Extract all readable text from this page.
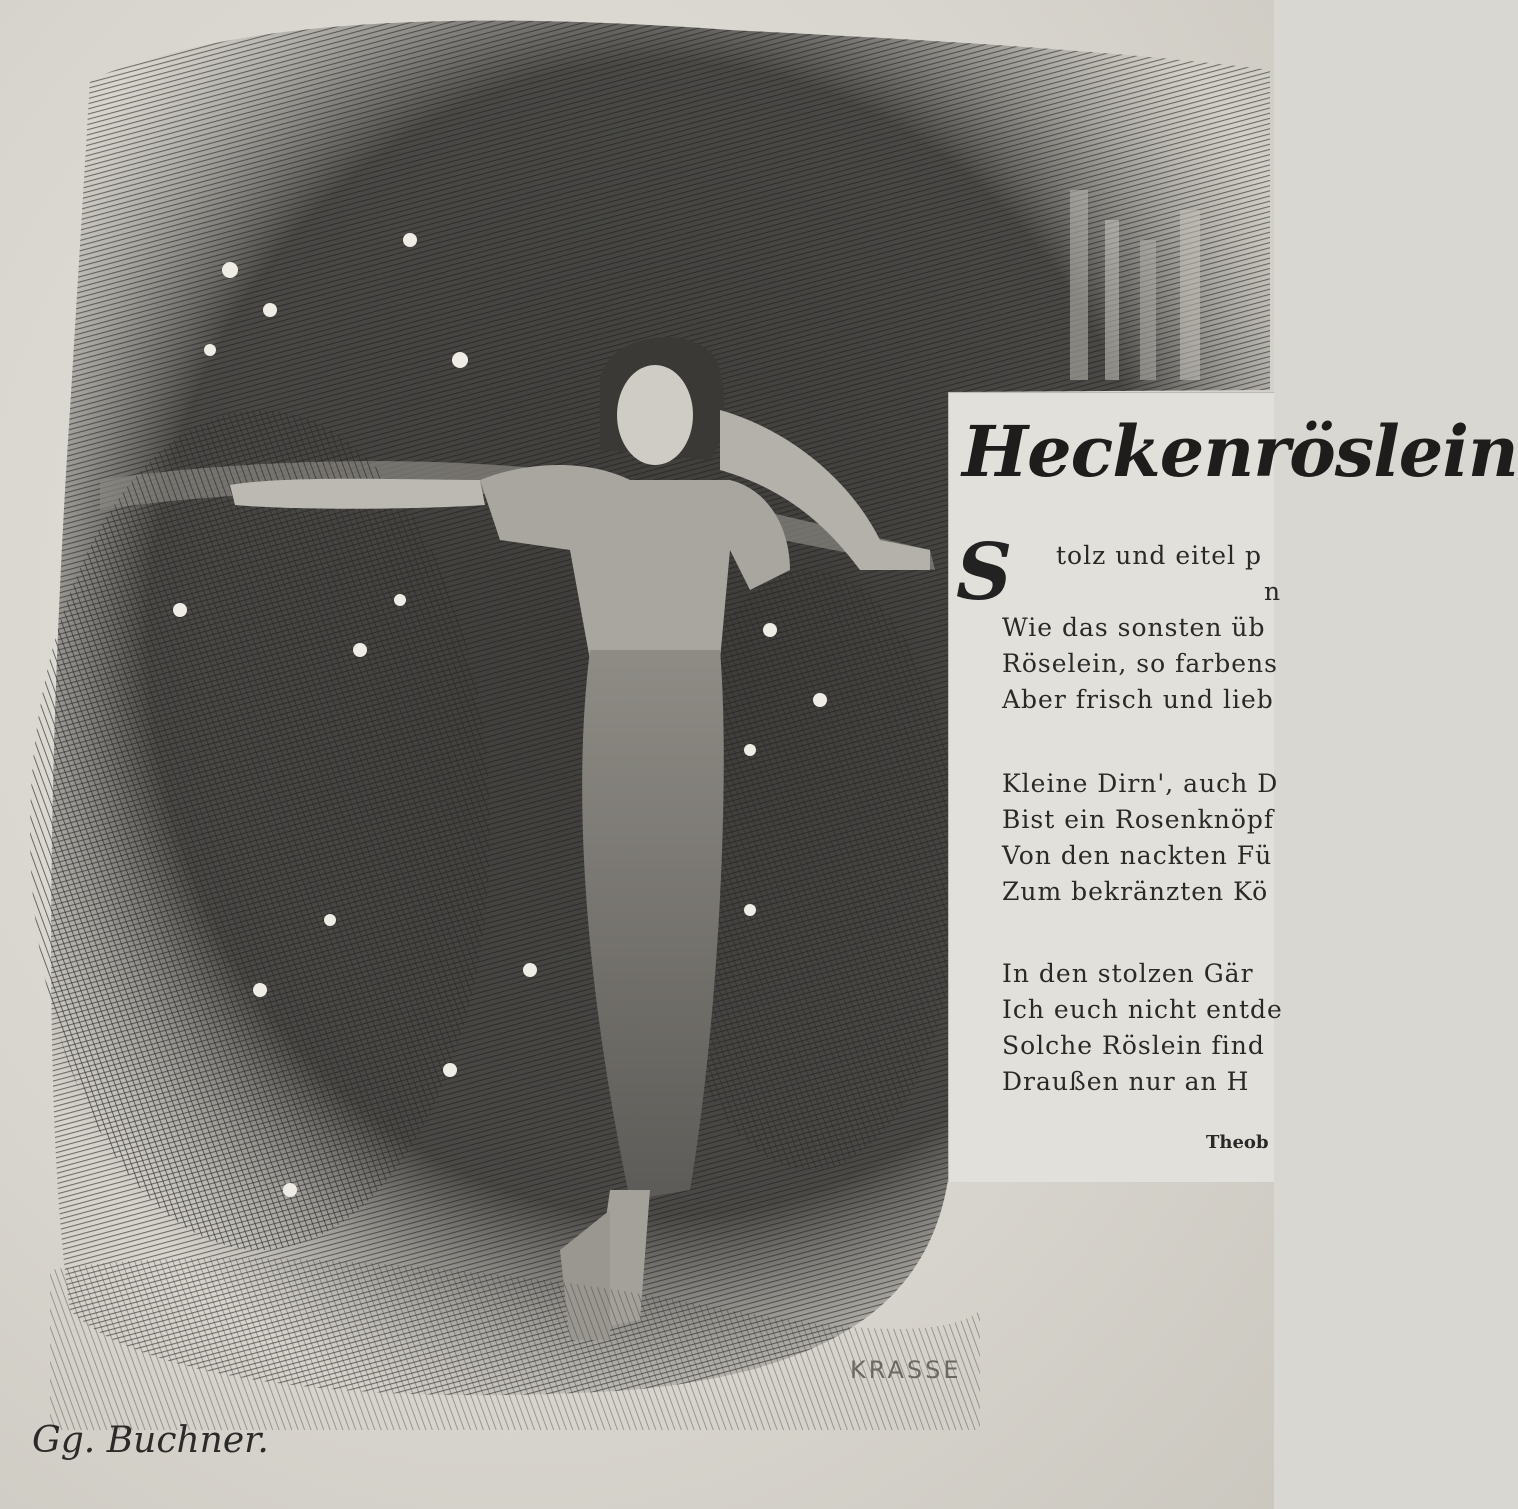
Heckenröslein
S tolz und eitel p
n
Wie das sonsten üb
Röselein, so farbens
Aber frisch und lieb
Kleine Dirn', auch D
Bist ein Rosenknöpf
Von den nackten Fü
Zum bekränzten Kö
In den stolzen Gär
Ich euch nicht entde
Solche Röslein find
Draußen nur an H
Theob
KRASSE
Gg. Buchner.
